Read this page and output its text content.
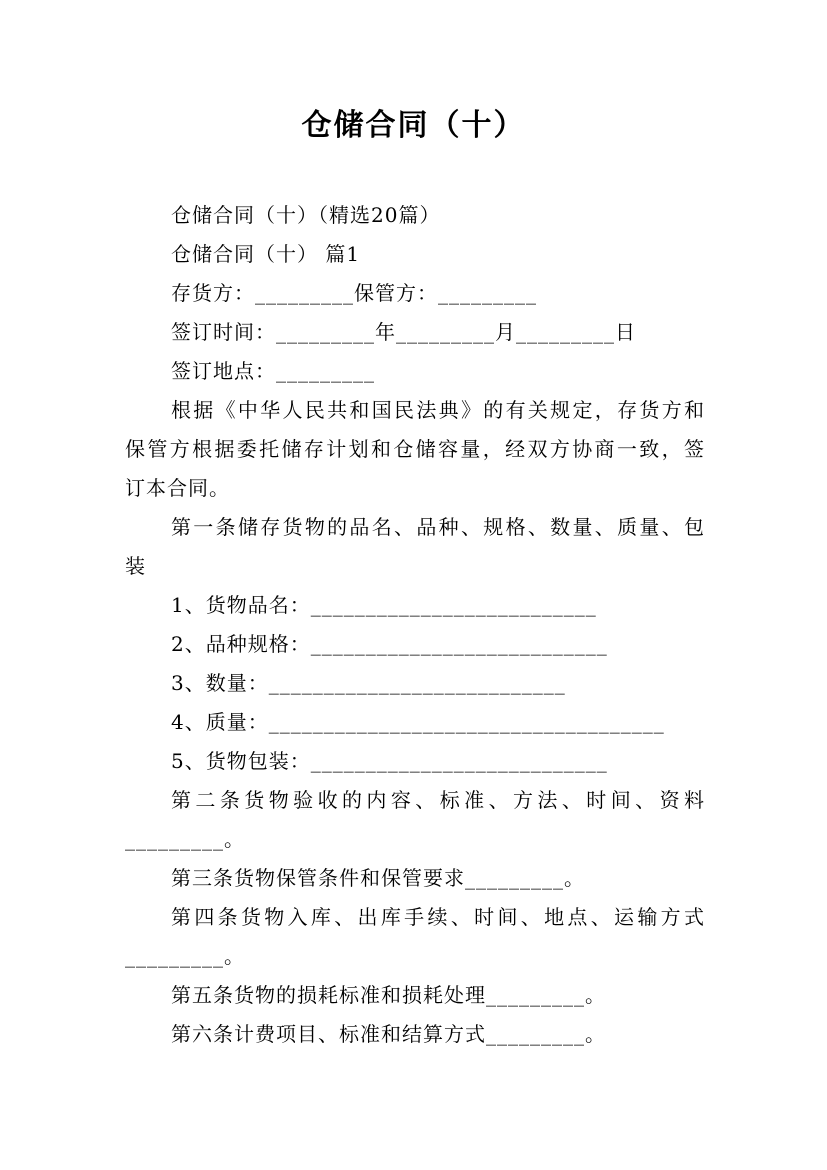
仓储合同（十）
仓储合同（十）（精选20篇）
仓储合同（十） 篇1
存货方：_________保管方：_________
签订时间：_________年_________月_________日
签订地点：_________
根据《中华人民共和国民法典》的有关规定，存货方和
保管方根据委托储存计划和仓储容量，经双方协商一致，签
订本合同。
第一条储存货物的品名、品种、规格、数量、质量、包
装
1、货物品名：__________________________
2、品种规格：___________________________
3、数量：___________________________
4、质量：____________________________________
5、货物包装：___________________________
第二条货物验收的内容、标准、方法、时间、资料
_________。
第三条货物保管条件和保管要求_________。
第四条货物入库、出库手续、时间、地点、运输方式
_________。
第五条货物的损耗标准和损耗处理_________。
第六条计费项目、标准和结算方式_________。
